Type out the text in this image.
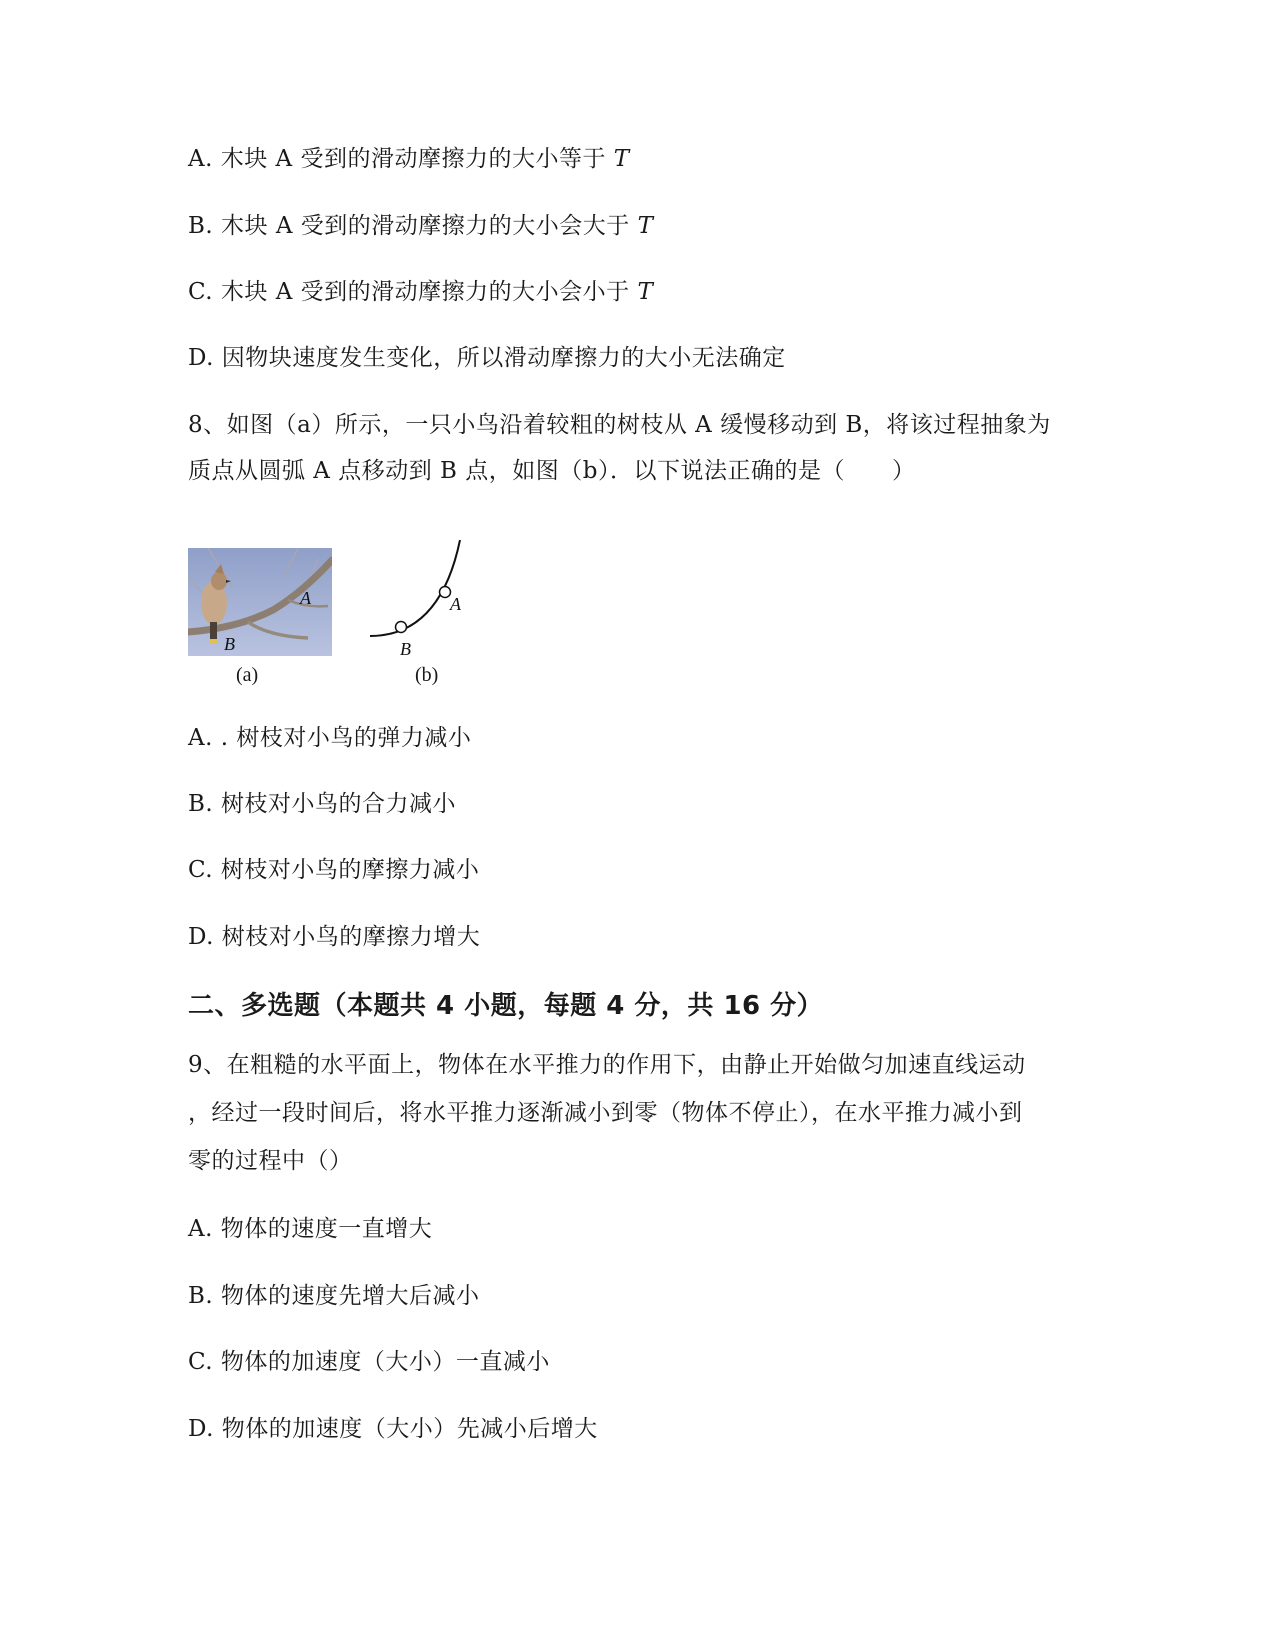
A. 木块 A 受到的滑动摩擦力的大小等于 T
B. 木块 A 受到的滑动摩擦力的大小会大于 T
C. 木块 A 受到的滑动摩擦力的大小会小于 T
D. 因物块速度发生变化，所以滑动摩擦力的大小无法确定
8、如图（a）所示，一只小鸟沿着较粗的树枝从 A 缓慢移动到 B，将该过程抽象为
质点从圆弧 A 点移动到 B 点，如图（b）．以下说法正确的是（　　）
A
B
(a)
A
B
(b)
A. . 树枝对小鸟的弹力减小
B. 树枝对小鸟的合力减小
C. 树枝对小鸟的摩擦力减小
D. 树枝对小鸟的摩擦力增大
二、多选题（本题共 4 小题，每题 4 分，共 16 分）
9、在粗糙的水平面上，物体在水平推力的作用下，由静止开始做匀加速直线运动
，经过一段时间后，将水平推力逐渐减小到零（物体不停止），在水平推力减小到
零的过程中（）
A. 物体的速度一直增大
B. 物体的速度先增大后减小
C. 物体的加速度（大小）一直减小
D. 物体的加速度（大小）先减小后增大
